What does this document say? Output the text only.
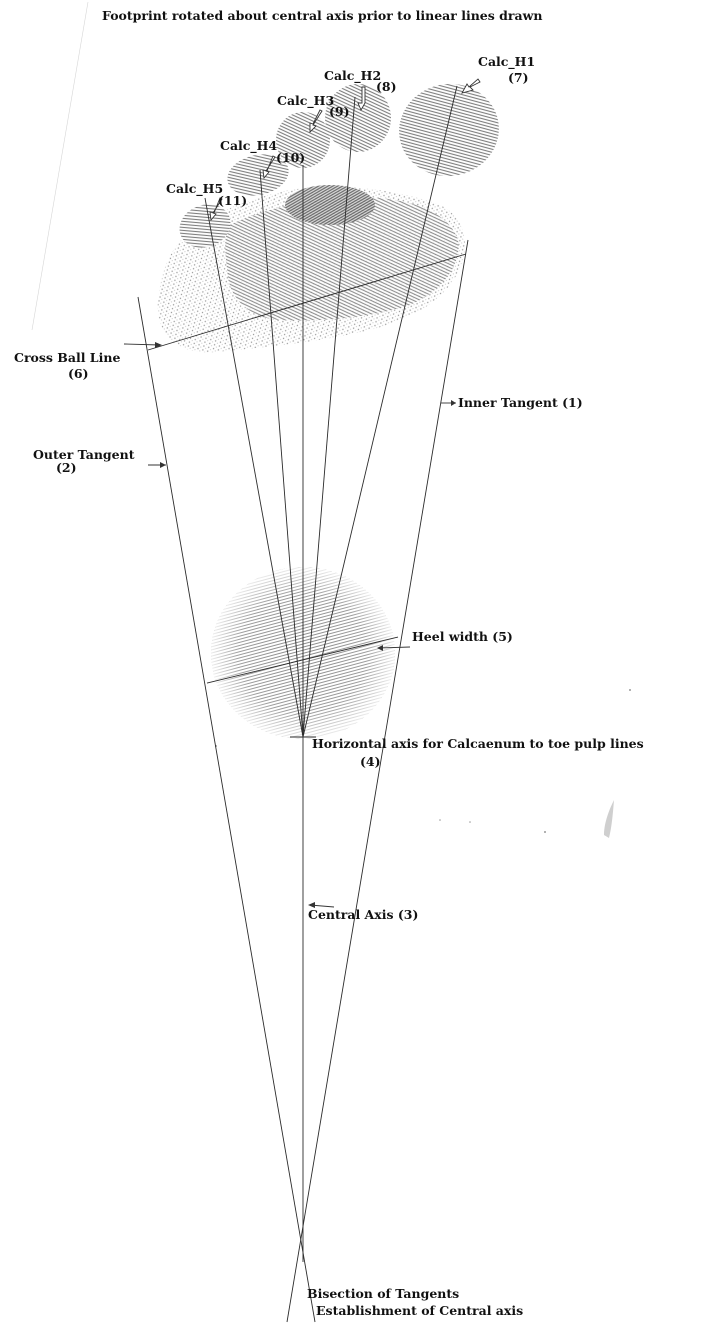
Footprint rotated about central axis prior to linear lines drawn
Calc_H1
(7)
Calc_H2
(8)
Calc_H3
(9)
Calc_H4
(10)
Calc_H5
(11)
Cross Ball Line
(6)
Inner Tangent (1)
Outer Tangent
(2)
Heel width (5)
Horizontal axis for Calcaenum to toe pulp lines
(4)
Central Axis (3)
Bisection of Tangents
Establishment of Central axis
